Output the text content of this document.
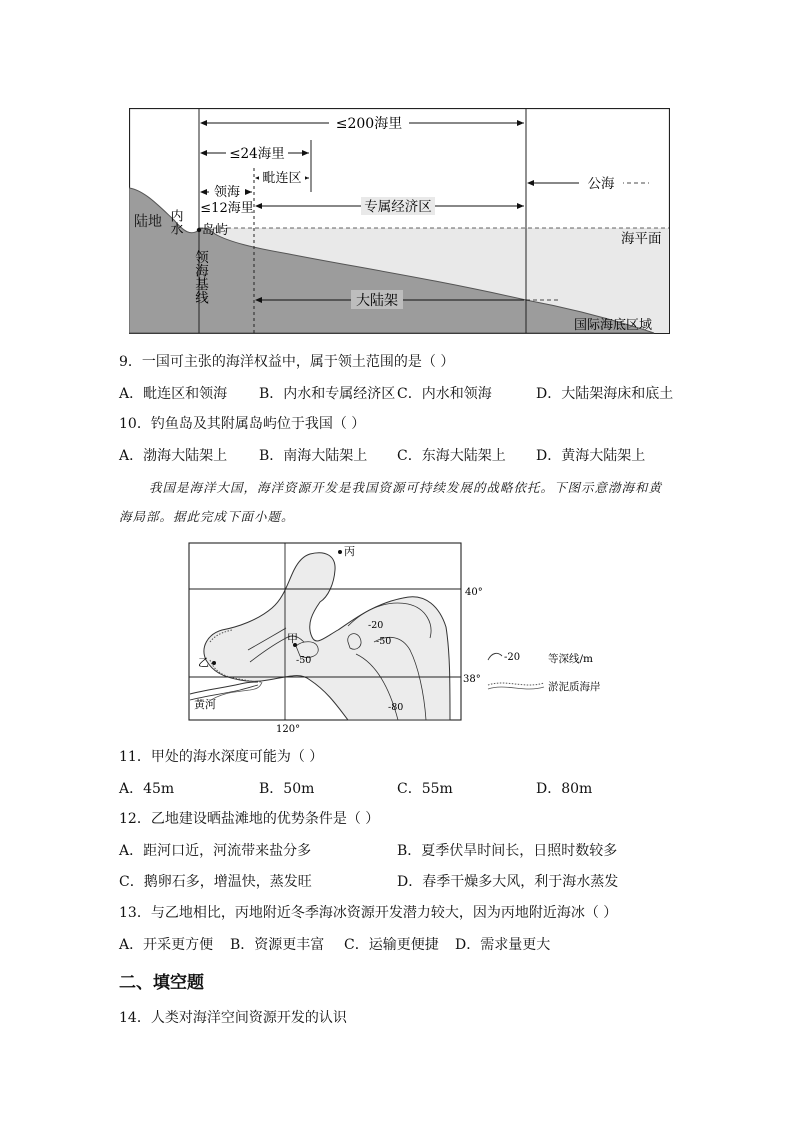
≤200海里
≤24海里
毗连区
领海
≤12海里	专属经济区
公海
陆地 内水 岛屿
海平面
领海基线	大陆架
国际海底区域
9．一国可主张的海洋权益中，属于领土范围的是（ ）
A．毗连区和领海 B．内水和专属经济区 C．内水和领海	D．大陆架海床和底土
10．钓鱼岛及其附属岛屿位于我国（ ）
A．渤海大陆架上 B．南海大陆架上 C．东海大陆架上 D．黄海大陆架上
我国是海洋大国，海洋资源开发是我国资源可持续发展的战略依托。下图示意渤海和黄
海局部。据此完成下面小题。
丙
甲
乙
40°
38°
120°
-20
-50
-50
-80
黄河
-20	等深线/m
淤泥质海岸
11．甲处的海水深度可能为（ ）
A．45m	B．50m	C．55m	D．80m
12．乙地建设晒盐滩地的优势条件是（ ）
A．距河口近，河流带来盐分多	B．夏季伏旱时间长，日照时数较多
C．鹅卵石多，增温快，蒸发旺	D．春季干燥多大风，利于海水蒸发
13．与乙地相比，丙地附近冬季海冰资源开发潜力较大，因为丙地附近海冰（ ）
A．开采更方便 B．资源更丰富 C．运输更便捷 D．需求量更大
二、填空题
14．人类对海洋空间资源开发的认识
